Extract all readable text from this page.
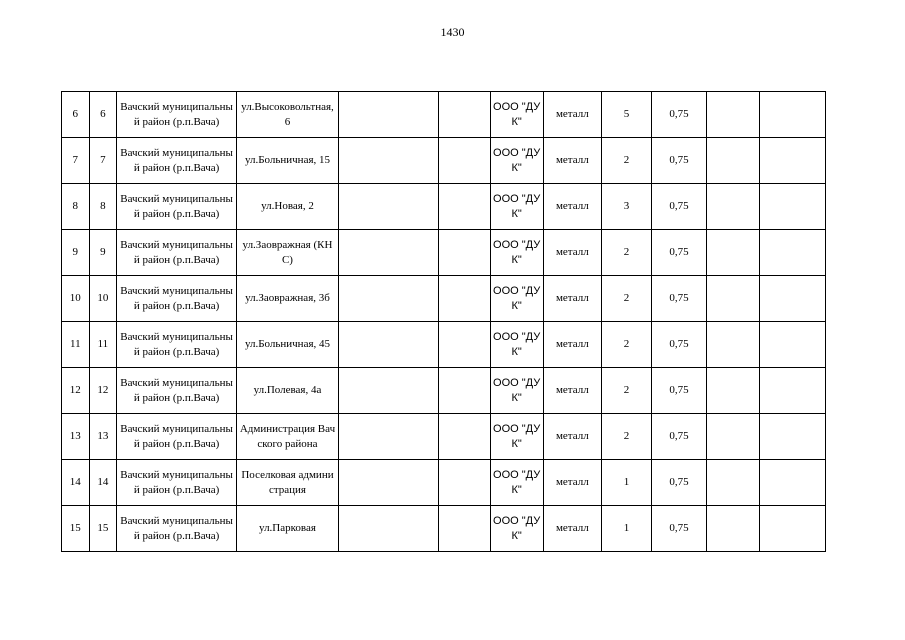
1430
6	6	Вачский муниципальный район (р.п.Вача)	ул.Высоковольтная, 6			ООО "ДУК"	металл	5	0,75		
7	7	Вачский муниципальный район (р.п.Вача)	ул.Больничная, 15			ООО "ДУК"	металл	2	0,75		
8	8	Вачский муниципальный район (р.п.Вача)	ул.Новая, 2			ООО "ДУК"	металл	3	0,75		
9	9	Вачский муниципальный район (р.п.Вача)	ул.Заовражная (КНС)			ООО "ДУК"	металл	2	0,75		
10	10	Вачский муниципальный район (р.п.Вача)	ул.Заовражная, 3б			ООО "ДУК"	металл	2	0,75		
11	11	Вачский муниципальный район (р.п.Вача)	ул.Больничная, 45			ООО "ДУК"	металл	2	0,75		
12	12	Вачский муниципальный район (р.п.Вача)	ул.Полевая, 4а			ООО "ДУК"	металл	2	0,75		
13	13	Вачский муниципальный район (р.п.Вача)	Администрация Вачского района			ООО "ДУК"	металл	2	0,75		
14	14	Вачский муниципальный район (р.п.Вача)	Поселковая администрация			ООО "ДУК"	металл	1	0,75		
15	15	Вачский муниципальный район (р.п.Вача)	ул.Парковая			ООО "ДУК"	металл	1	0,75		
